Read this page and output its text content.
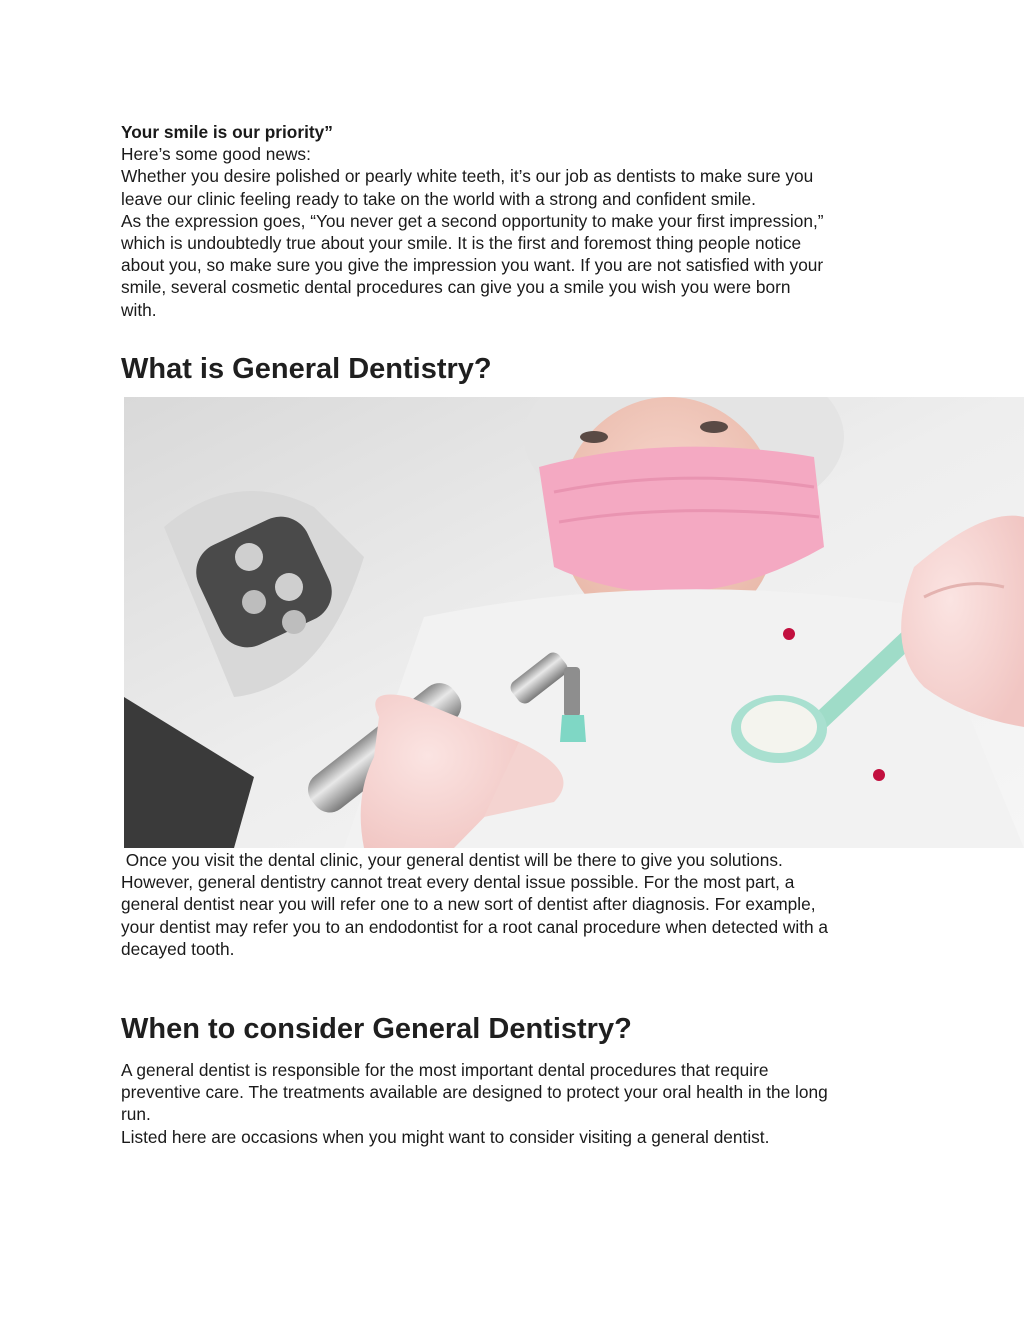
Your smile is our priority”

Here’s some good news:

Whether you desire polished or pearly white teeth, it’s our job as dentists to make sure you

leave our clinic feeling ready to take on the world with a strong and confident smile.

As the expression goes, “You never get a second opportunity to make your first impression,”

which is undoubtedly true about your smile. It is the first and foremost thing people notice

about you, so make sure you give the impression you want. If you are not satisfied with your

smile, several cosmetic dental procedures can give you a smile you wish you were born

with.

What is General Dentistry?

Once you visit the dental clinic, your general dentist will be there to give you solutions.

However, general dentistry cannot treat every dental issue possible. For the most part, a

general dentist near you will refer one to a new sort of dentist after diagnosis. For example,

your dentist may refer you to an endodontist for a root canal procedure when detected with a

decayed tooth.

When to consider General Dentistry?

A general dentist is responsible for the most important dental procedures that require

preventive care. The treatments available are designed to protect your oral health in the long

run.

Listed here are occasions when you might want to consider visiting a general dentist.
